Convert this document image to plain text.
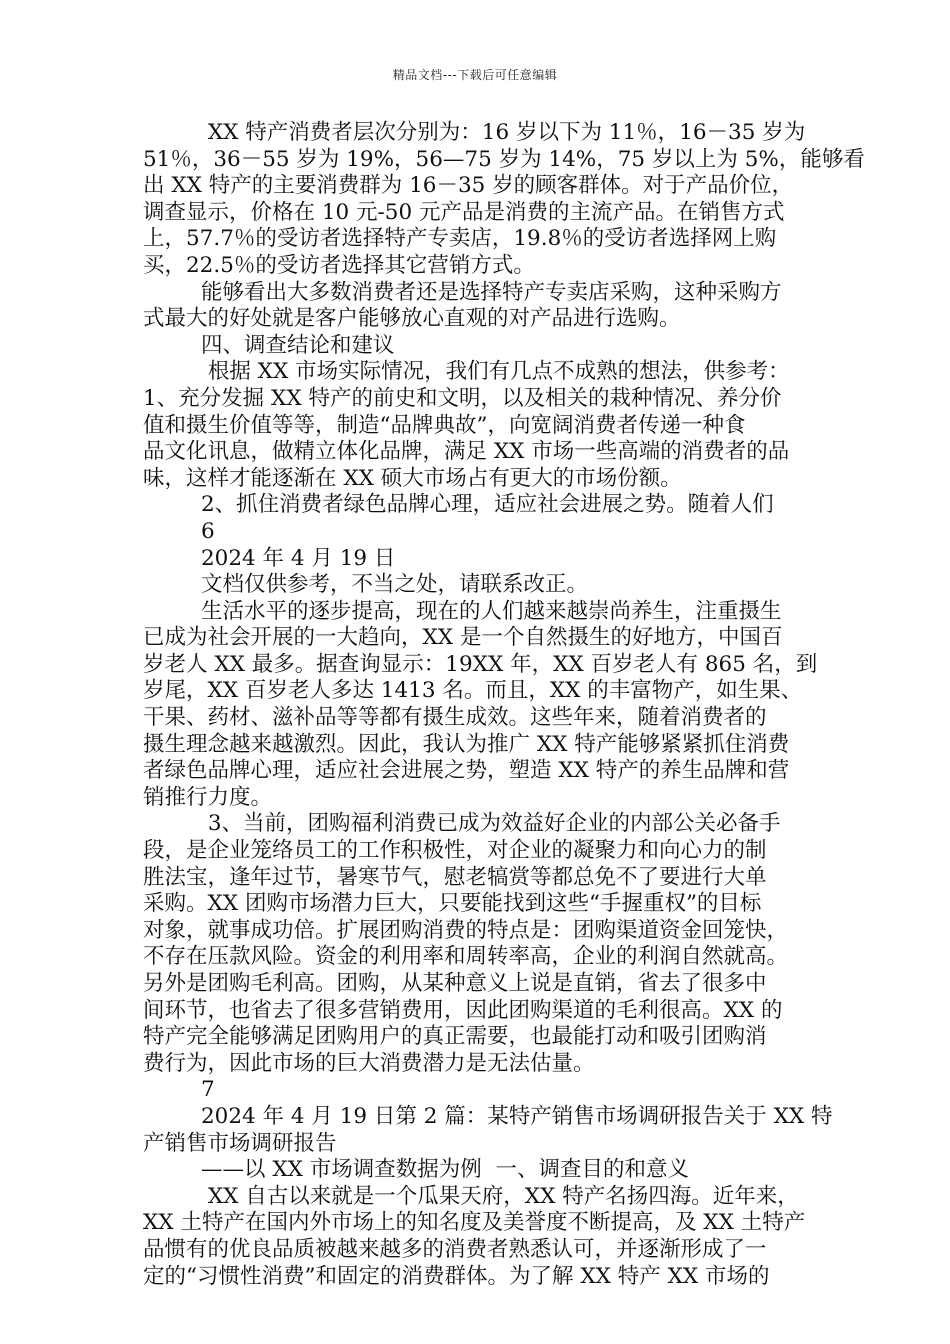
精品文档---下载后可任意编辑
XX 特产消费者层次分别为：16 岁以下为 11％，16－35 岁为
51％，36－55 岁为 19%，56—75 岁为 14%，75 岁以上为 5%，能够看
出 XX 特产的主要消费群为 16－35 岁的顾客群体。对于产品价位，
调查显示，价格在 10 元-50 元产品是消费的主流产品。在销售方式
上，57.7％的受访者选择特产专卖店，19.8％的受访者选择网上购
买，22.5％的受访者选择其它营销方式。
能够看出大多数消费者还是选择特产专卖店采购，这种采购方
式最大的好处就是客户能够放心直观的对产品进行选购。
四、调查结论和建议
根据 XX 市场实际情况，我们有几点不成熟的想法，供参考：
1、充分发掘 XX 特产的前史和文明，以及相关的栽种情况、养分价
值和摄生价值等等，制造“品牌典故”，向宽阔消费者传递一种食
品文化讯息，做精立体化品牌，满足 XX 市场一些高端的消费者的品
味，这样才能逐渐在 XX 硕大市场占有更大的市场份额。
2、抓住消费者绿色品牌心理，适应社会进展之势。随着人们
6
2024 年 4 月 19 日
文档仅供参考，不当之处，请联系改正。
生活水平的逐步提高，现在的人们越来越崇尚养生，注重摄生
已成为社会开展的一大趋向，XX 是一个自然摄生的好地方，中国百
岁老人 XX 最多。据查询显示：19XX 年，XX 百岁老人有 865 名，到
岁尾，XX 百岁老人多达 1413 名。而且，XX 的丰富物产，如生果、
干果、药材、滋补品等等都有摄生成效。这些年来，随着消费者的
摄生理念越来越激烈。因此，我认为推广 XX 特产能够紧紧抓住消费
者绿色品牌心理，适应社会进展之势，塑造 XX 特产的养生品牌和营
销推行力度。
3、当前，团购福利消费已成为效益好企业的内部公关必备手
段，是企业笼络员工的工作积极性，对企业的凝聚力和向心力的制
胜法宝，逢年过节，暑寒节气，慰老犒赏等都总免不了要进行大单
采购。XX 团购市场潜力巨大，只要能找到这些“手握重权”的目标
对象，就事成功倍。扩展团购消费的特点是：团购渠道资金回笼快，
不存在压款风险。资金的利用率和周转率高，企业的利润自然就高。
另外是团购毛利高。团购，从某种意义上说是直销，省去了很多中
间环节，也省去了很多营销费用，因此团购渠道的毛利很高。XX 的
特产完全能够满足团购用户的真正需要，也最能打动和吸引团购消
费行为，因此市场的巨大消费潜力是无法估量。
7
2024 年 4 月 19 日第 2 篇：某特产销售市场调研报告关于 XX 特
产销售市场调研报告
——以 XX 市场调查数据为例  一、调查目的和意义
XX 自古以来就是一个瓜果天府，XX 特产名扬四海。近年来，
XX 土特产在国内外市场上的知名度及美誉度不断提高，及 XX 土特产
品惯有的优良品质被越来越多的消费者熟悉认可，并逐渐形成了一
定的“习惯性消费”和固定的消费群体。为了解 XX 特产 XX 市场的
